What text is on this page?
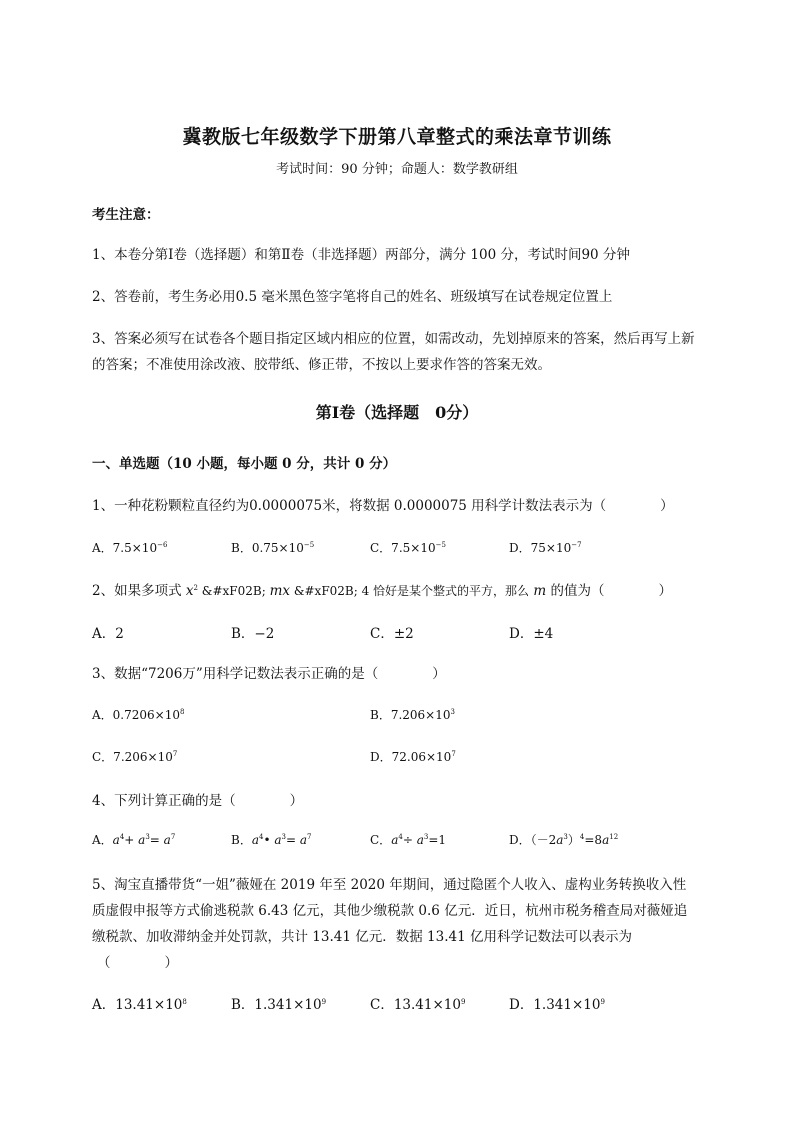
冀教版七年级数学下册第八章整式的乘法章节训练
考试时间：90 分钟；命题人：数学教研组
考生注意：
1、本卷分第Ⅰ卷（选择题）和第Ⅱ卷（非选择题）两部分，满分 100 分，考试时间90 分钟
2、答卷前，考生务必用0.5 毫米黑色签字笔将自己的姓名、班级填写在试卷规定位置上
3、答案必须写在试卷各个题目指定区域内相应的位置，如需改动，先划掉原来的答案，然后再写上新
的答案；不准使用涂改液、胶带纸、修正带，不按以上要求作答的答案无效。
第Ⅰ卷（选择题　0分）
一、单选题（10 小题，每小题 0 分，共计 0 分）
1、一种花粉颗粒直径约为0.0000075米，将数据 0.0000075 用科学计数法表示为（　　　　）
A．$7.5\times 10^{-6}$	B．$0.75\times 10^{-5}$	C．$7.5\times 10^{-5}$	D．$75\times 10^{-7}$
2、如果多项式 $x^2$ &#xF02B; mx &#xF02B; 4 恰好是某个整式的平方，那么 m 的值为（　　　　）
A．2	B．−2	C．±2	D．±4
3、数据“7206万”用科学记数法表示正确的是（　　　　）
A．$0.7206\times 10^8$	B．$7.206\times 10^3$
C．$7.206\times 10^7$	D．$72.06\times 10^7$
4、下列计算正确的是（　　　　）
A．$a^4+ a^3= a^7$	B．$a^4•$ $a^3= a^7$	C．$a^4\div a^3=1$	D．$(-2a^3)^4=8a^{12}$
5、淘宝直播带货“一姐”薇娅在 2019 年至 2020 年期间，通过隐匿个人收入、虚构业务转换收入性
质虚假申报等方式偷逃税款 6.43 亿元，其他少缴税款 0.6 亿元．近日，杭州市税务稽查局对薇娅追
缴税款、加收滞纳金并处罚款，共计 13.41 亿元．数据 13.41 亿用科学记数法可以表示为
（　　　　）
A．$13.41\times 10^8$	B．$1.341\times 10^9$	C．$13.41\times 10^9$	D．$1.341\times 10^9$
